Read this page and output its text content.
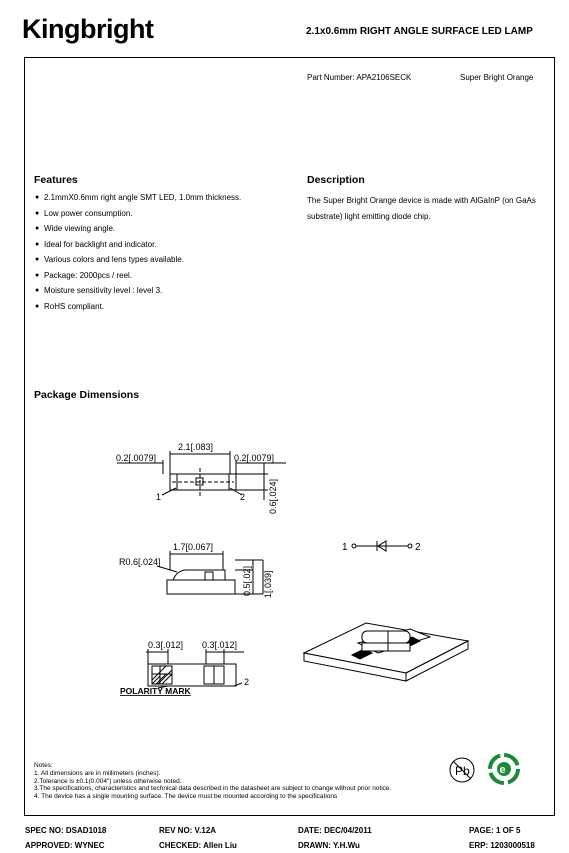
Kingbright	2.1x0.6mm RIGHT ANGLE SURFACE LED LAMP
Part Number: APA2106SECK	Super Bright Orange
Features
● 2.1mmX0.6mm right angle SMT LED, 1.0mm thickness.
● Low power consumption.
● Wide viewing angle.
● Ideal for backlight and indicator.
● Various colors and lens types available.
● Package: 2000pcs / reel.
● Moisture sensitivity level : level 3.
● RoHS compliant.
Description
The Super Bright Orange device is made with AlGaInP (on GaAs substrate) light emitting diode chip.
Package Dimensions
2.1[.083]
0.2[.0079]	0.2[.0079]
1	2	0.6[.024]
1.7[0.067]
R0.6[.024]
0.5[.02] 1[.039]
0.3[.012] 0.3[.012]
POLARITY MARK
2
1	2
Notes:
1. All dimensions are in millimeters (inches).
2.Tolerance is ±0.1(0.004") unless otherwise noted.
3.The specifications, characteristics and technical data described in the datasheet are subject to change without prior notice.
4. The device has a single mounting surface. The device must be mounted according to the specifications
Pb	e
SPEC NO: DSAD1018	REV NO: V.12A	DATE: DEC/04/2011	PAGE: 1 OF 5
APPROVED: WYNEC	CHECKED: Allen Liu	DRAWN: Y.H.Wu	ERP: 1203000518
